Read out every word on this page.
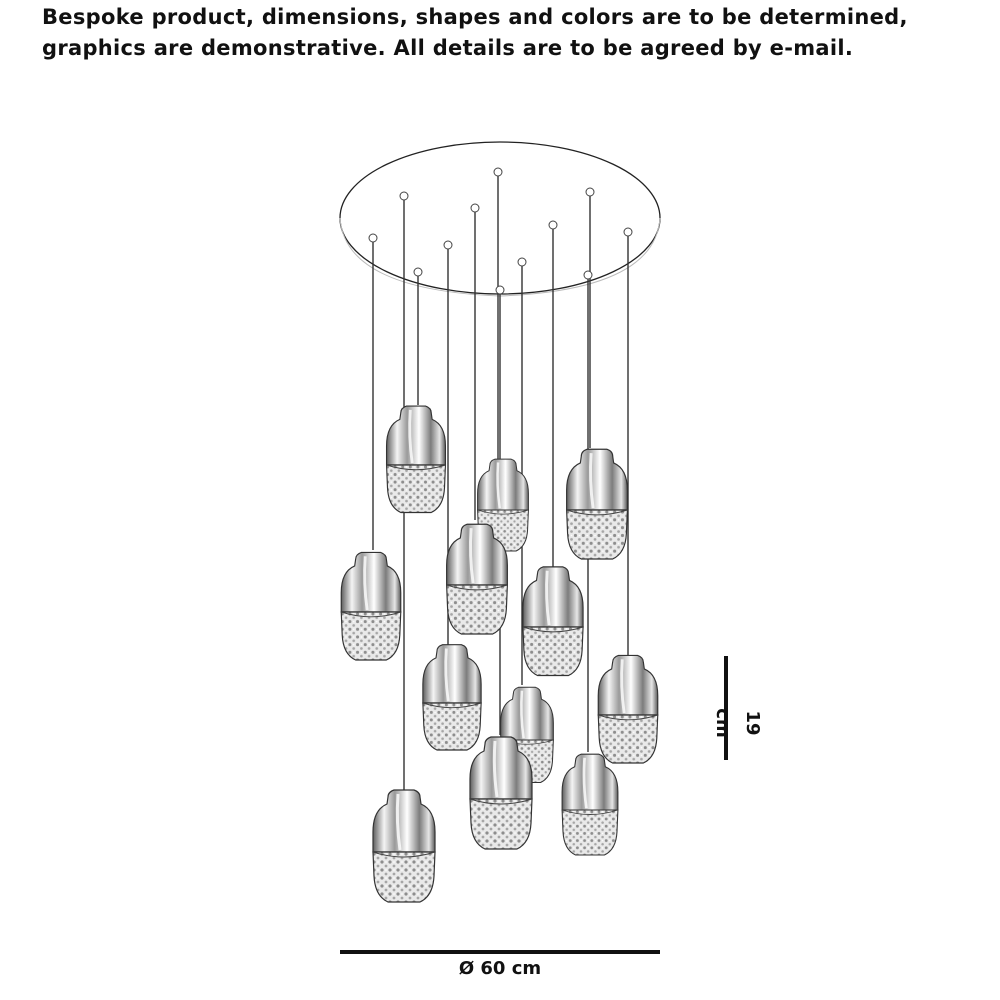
Bespoke product, dimensions, shapes and colors are to be determined, graphics are demonstrative. All details are to be agreed by e-mail.

19 cm
Ø 60 cm
